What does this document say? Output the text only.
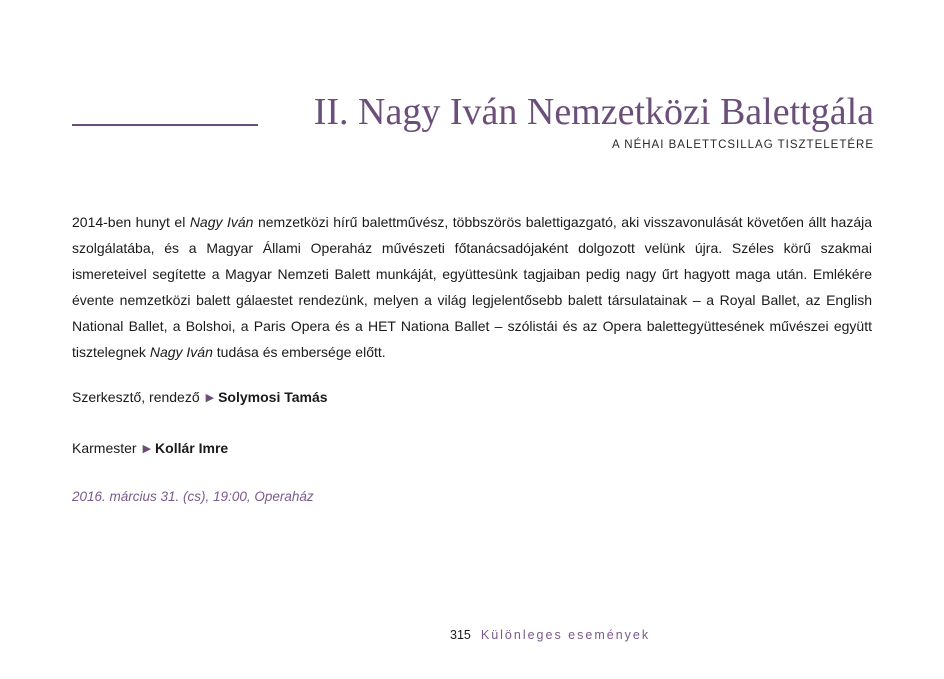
II. Nagy Iván Nemzetközi Balettgála
A NÉHAI BALETTCSILLAG TISZTELETÉRE

2014-ben hunyt el Nagy Iván nemzetközi hírű balettművész, többszörös balettigazgató, aki visszavonulását követően állt hazája szolgálatába, és a Magyar Állami Operaház művészeti főtanácsadójaként dolgozott velünk újra. Széles körű szakmai ismereteivel segítette a Magyar Nemzeti Balett munkáját, együttesünk tagjaiban pedig nagy űrt hagyott maga után. Emlékére évente nemzetközi balett gálaestet rendezünk, melyen a világ legjelentősebb balett társulatainak – a Royal Ballet, az English National Ballet, a Bolshoi, a Paris Opera és a HET Nationa Ballet – szólistái és az Opera balettegyüttesének művészei együtt tisztelegnek Nagy Iván tudása és embersége előtt.

Szerkesztő, rendező ▶ Solymosi Tamás
Karmester ▶ Kollár Imre
2016. március 31. (cs), 19:00, Operaház
315 Különleges események
